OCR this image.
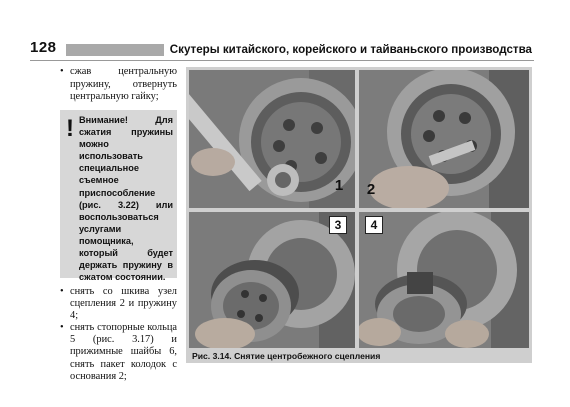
128	Скутеры китайского, корейского и тайваньского производства
• сжав центральную пружину, отвернуть центральную гайку;
! Внимание! Для сжатия пружины можно использовать специальное съемное приспособление (рис. 3.22) или воспользоваться услугами помощника, который будет держать пружину в сжатом состоянии.
• снять со шкива узел сцепления 2 и пружину 4;
• снять стопорные кольца 5 (рис. 3.17) и прижимные шайбы 6, снять пакет колодок с основания 2;
1 2
3	4
Рис. 3.14. Снятие центробежного сцепления
